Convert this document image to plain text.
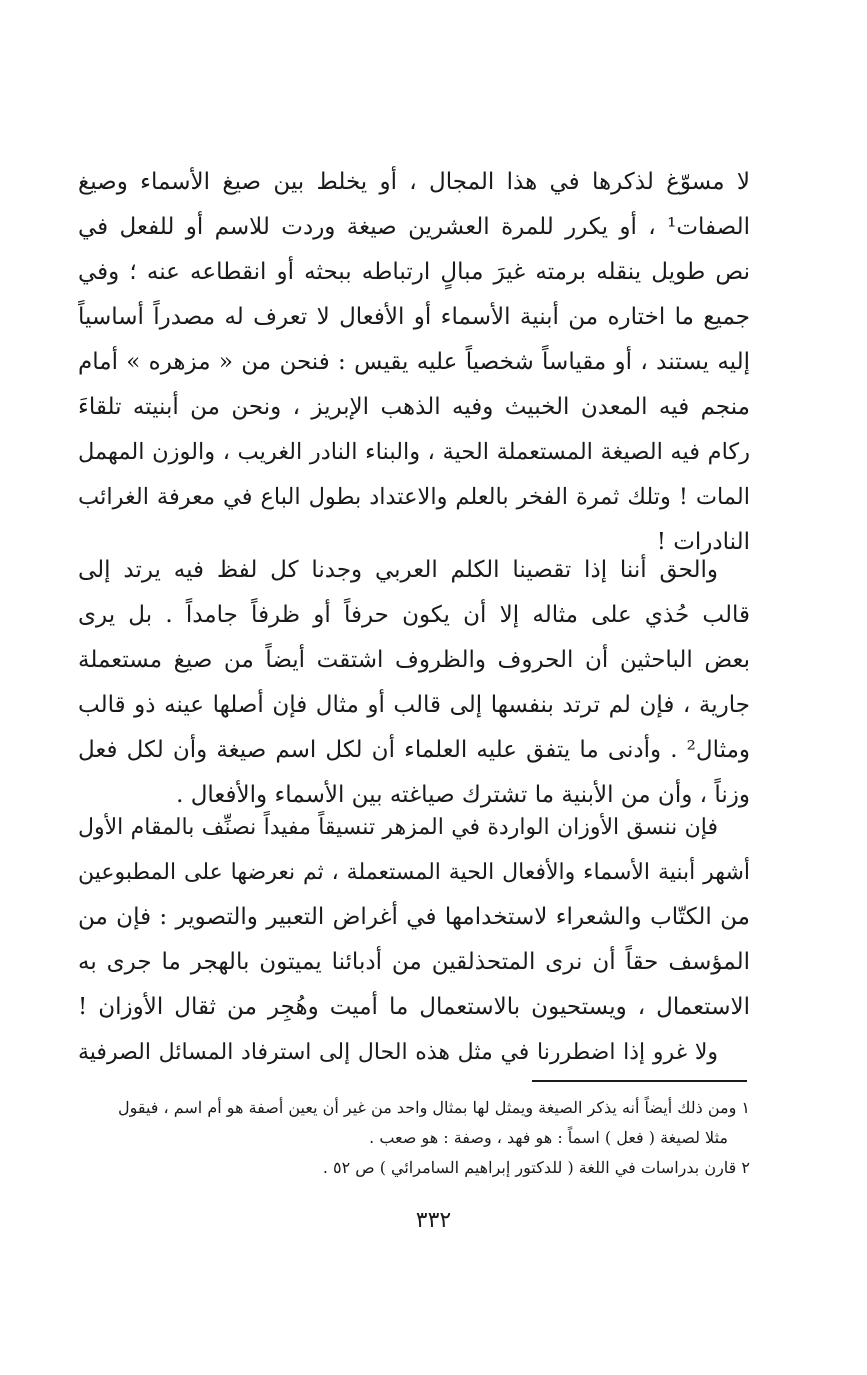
لا مسوّغ لذكرها في هذا المجال ، أو يخلط بين صيغ الأسماء وصيغ
الصفات¹ ، أو يكرر للمرة العشرين صيغة وردت للاسم أو للفعل في
نص طويل ينقله برمته غيرَ مبالٍ ارتباطه ببحثه أو انقطاعه عنه ؛ وفي
جميع ما اختاره من أبنية الأسماء أو الأفعال لا تعرف له مصدراً أساسياً
إليه يستند ، أو مقياساً شخصياً عليه يقيس : فنحن من « مزهره » أمام
منجم فيه المعدن الخبيث وفيه الذهب الإبريز ، ونحن من أبنيته تلقاءَ
ركام فيه الصيغة المستعملة الحية ، والبناء النادر الغريب ، والوزن المهمل
المات ! وتلك ثمرة الفخر بالعلم والاعتداد بطول الباع في معرفة الغرائب
النادرات !
والحق أننا إذا تقصينا الكلم العربي وجدنا كل لفظ فيه يرتد إلى
قالب حُذي على مثاله إلا أن يكون حرفاً أو ظرفاً جامداً . بل يرى
بعض الباحثين أن الحروف والظروف اشتقت أيضاً من صيغ مستعملة
جارية ، فإن لم ترتد بنفسها إلى قالب أو مثال فإن أصلها عينه ذو قالب
ومثال² . وأدنى ما يتفق عليه العلماء أن لكل اسم صيغة وأن لكل فعل
وزناً ، وأن من الأبنية ما تشترك صياغته بين الأسماء والأفعال .
فإن ننسق الأوزان الواردة في المزهر تنسيقاً مفيداً نصنِّف بالمقام الأول
أشهر أبنية الأسماء والأفعال الحية المستعملة ، ثم نعرضها على المطبوعين
من الكتّاب والشعراء لاستخدامها في أغراض التعبير والتصوير : فإن من
المؤسف حقاً أن نرى المتحذلقين من أدبائنا يميتون بالهجر ما جرى به
الاستعمال ، ويستحيون بالاستعمال ما أميت وهُجِر من ثقال الأوزان !
ولا غرو إذا اضطررنا في مثل هذه الحال إلى استرفاد المسائل الصرفية
١ ومن ذلك أيضاً أنه يذكر الصيغة ويمثل لها بمثال واحد من غير أن يعين أصفة هو أم اسم ، فيقول
مثلا لصيغة ( فعل ) اسماً : هو فهد ، وصفة : هو صعب .
٢ قارن بدراسات في اللغة ( للدكتور إبراهيم السامرائي ) ص ٥٢ .
٣٣٢
